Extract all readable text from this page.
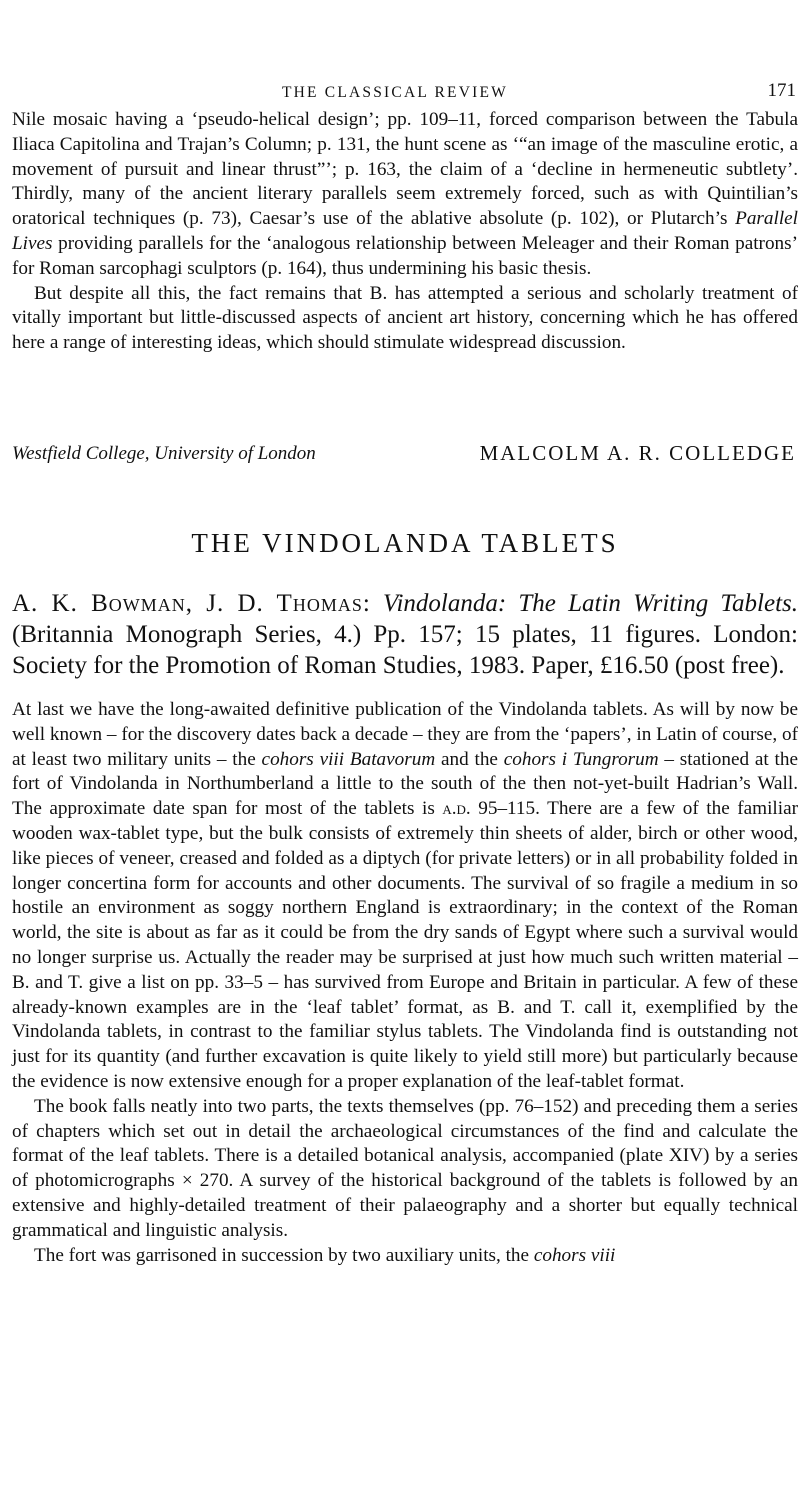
THE CLASSICAL REVIEW	171

Nile mosaic having a ‘pseudo-helical design’; pp. 109–11, forced comparison between the Tabula Iliaca Capitolina and Trajan’s Column; p. 131, the hunt scene as ‘“an image of the masculine erotic, a movement of pursuit and linear thrust”’; p. 163, the claim of a ‘decline in hermeneutic subtlety’. Thirdly, many of the ancient literary parallels seem extremely forced, such as with Quintilian’s oratorical techniques (p. 73), Caesar’s use of the ablative absolute (p. 102), or Plutarch’s Parallel Lives providing parallels for the ‘analogous relationship between Meleager and their Roman patrons’ for Roman sarcophagi sculptors (p. 164), thus undermining his basic thesis.

But despite all this, the fact remains that B. has attempted a serious and scholarly treatment of vitally important but little-discussed aspects of ancient art history, concerning which he has offered here a range of interesting ideas, which should stimulate widespread discussion.

Westfield College, University of London	MALCOLM A. R. COLLEDGE
THE VINDOLANDA TABLETS
A. K. Bowman, J. D. Thomas: Vindolanda: The Latin Writing Tablets. (Britannia Monograph Series, 4.) Pp. 157; 15 plates, 11 figures. London: Society for the Promotion of Roman Studies, 1983. Paper, £16.50 (post free).

At last we have the long-awaited definitive publication of the Vindolanda tablets. As will by now be well known – for the discovery dates back a decade – they are from the ‘papers’, in Latin of course, of at least two military units – the cohors viii Batavorum and the cohors i Tungrorum – stationed at the fort of Vindolanda in Northumberland a little to the south of the then not-yet-built Hadrian’s Wall. The approximate date span for most of the tablets is a.d. 95–115. There are a few of the familiar wooden wax-tablet type, but the bulk consists of extremely thin sheets of alder, birch or other wood, like pieces of veneer, creased and folded as a diptych (for private letters) or in all probability folded in longer concertina form for accounts and other documents. The survival of so fragile a medium in so hostile an environment as soggy northern England is extraordinary; in the context of the Roman world, the site is about as far as it could be from the dry sands of Egypt where such a survival would no longer surprise us. Actually the reader may be surprised at just how much such written material – B. and T. give a list on pp. 33–5 – has survived from Europe and Britain in particular. A few of these already-known examples are in the ‘leaf tablet’ format, as B. and T. call it, exemplified by the Vindolanda tablets, in contrast to the familiar stylus tablets. The Vindolanda find is outstanding not just for its quantity (and further excavation is quite likely to yield still more) but particularly because the evidence is now extensive enough for a proper explanation of the leaf-tablet format.

The book falls neatly into two parts, the texts themselves (pp. 76–152) and preceding them a series of chapters which set out in detail the archaeological circumstances of the find and calculate the format of the leaf tablets. There is a detailed botanical analysis, accompanied (plate XIV) by a series of photomicrographs × 270. A survey of the historical background of the tablets is followed by an extensive and highly-detailed treatment of their palaeography and a shorter but equally technical grammatical and linguistic analysis.

The fort was garrisoned in succession by two auxiliary units, the cohors viii
